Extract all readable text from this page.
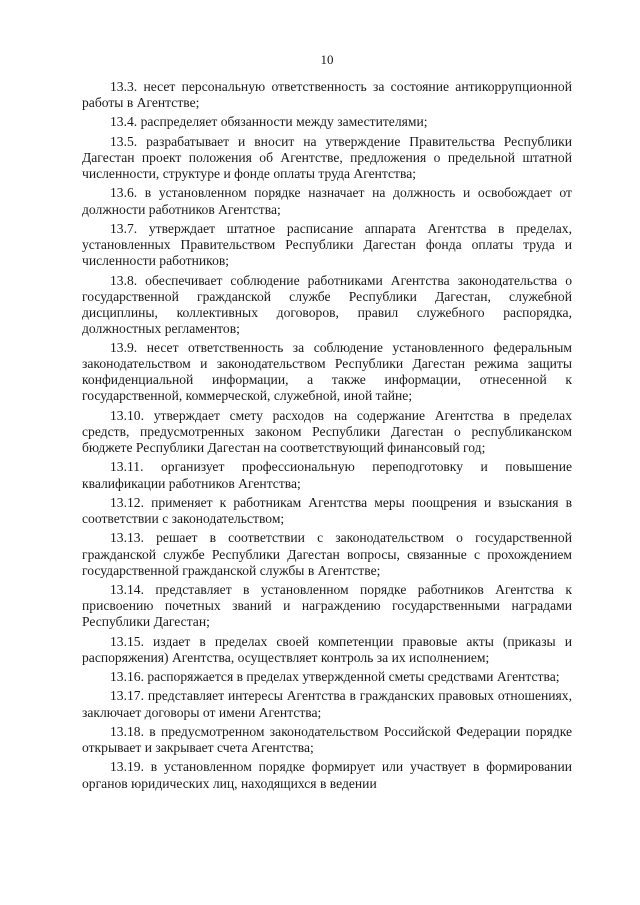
10

13.3. несет персональную ответственность за состояние антикоррупционной работы в Агентстве;

13.4. распределяет обязанности между заместителями;

13.5. разрабатывает и вносит на утверждение Правительства Республики Дагестан проект положения об Агентстве, предложения о предельной штатной численности, структуре и фонде оплаты труда Агентства;

13.6. в установленном порядке назначает на должность и освобождает от должности работников Агентства;

13.7. утверждает штатное расписание аппарата Агентства в пределах, установленных Правительством Республики Дагестан фонда оплаты труда и численности работников;

13.8. обеспечивает соблюдение работниками Агентства законодательства о государственной гражданской службе Республики Дагестан, служебной дисциплины, коллективных договоров, правил служебного распорядка, должностных регламентов;

13.9. несет ответственность за соблюдение установленного федеральным законодательством и законодательством Республики Дагестан режима защиты конфиденциальной информации, а также информации, отнесенной к государственной, коммерческой, служебной, иной тайне;

13.10. утверждает смету расходов на содержание Агентства в пределах средств, предусмотренных законом Республики Дагестан о республиканском бюджете Республики Дагестан на соответствующий финансовый год;

13.11. организует профессиональную переподготовку и повышение квалификации работников Агентства;

13.12. применяет к работникам Агентства меры поощрения и взыскания в соответствии с законодательством;

13.13. решает в соответствии с законодательством о государственной гражданской службе Республики Дагестан вопросы, связанные с прохождением государственной гражданской службы в Агентстве;

13.14. представляет в установленном порядке работников Агентства к присвоению почетных званий и награждению государственными наградами Республики Дагестан;

13.15. издает в пределах своей компетенции правовые акты (приказы и распоряжения) Агентства, осуществляет контроль за их исполнением;

13.16. распоряжается в пределах утвержденной сметы средствами Агентства;

13.17. представляет интересы Агентства в гражданских правовых отношениях, заключает договоры от имени Агентства;

13.18. в предусмотренном законодательством Российской Федерации порядке открывает и закрывает счета Агентства;

13.19. в установленном порядке формирует или участвует в формировании органов юридических лиц, находящихся в ведении
